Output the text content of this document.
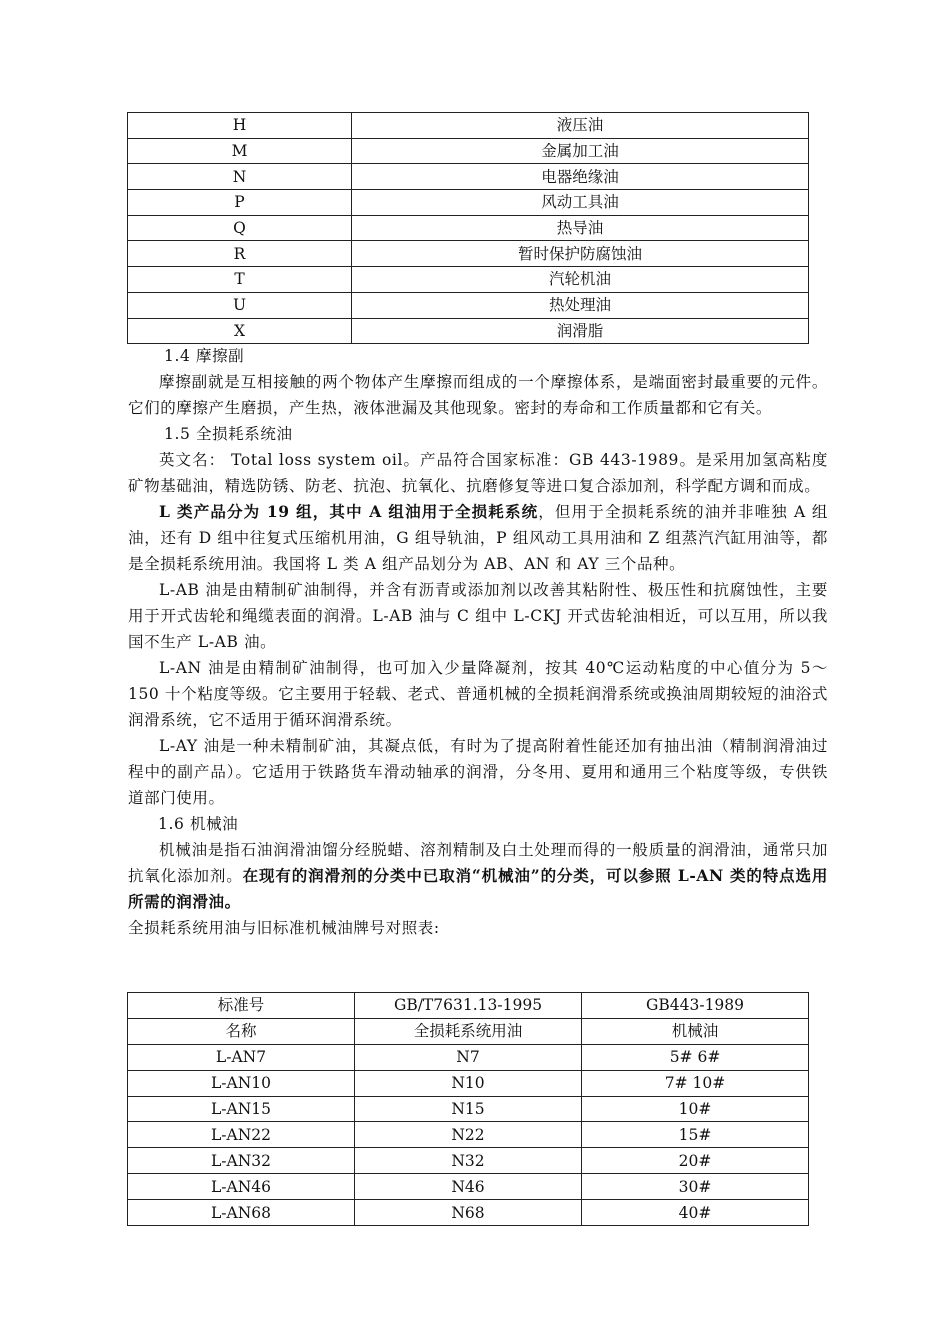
H	液压油
M	金属加工油
N	电器绝缘油
P	风动工具油
Q	热导油
R	暂时保护防腐蚀油
T	汽轮机油
U	热处理油
X	润滑脂

1.4 摩擦副

摩擦副就是互相接触的两个物体产生摩擦而组成的一个摩擦体系，是端面密封最重要的元件。它们的摩擦产生磨损，产生热，液体泄漏及其他现象。密封的寿命和工作质量都和它有关。

1.5 全损耗系统油

英文名： Total loss system oil。产品符合国家标准：GB 443-1989。是采用加氢高粘度矿物基础油，精选防锈、防老、抗泡、抗氧化、抗磨修复等进口复合添加剂，科学配方调和而成。

L 类产品分为 19 组，其中 A 组油用于全损耗系统，但用于全损耗系统的油并非唯独 A 组油，还有 D 组中往复式压缩机用油，G 组导轨油，P 组风动工具用油和 Z 组蒸汽汽缸用油等，都是全损耗系统用油。我国将 L 类 A 组产品划分为 AB、AN 和 AY 三个品种。

L-AB 油是由精制矿油制得，并含有沥青或添加剂以改善其粘附性、极压性和抗腐蚀性，主要用于开式齿轮和绳缆表面的润滑。L-AB 油与 C 组中 L-CKJ 开式齿轮油相近，可以互用，所以我国不生产 L-AB 油。

L-AN 油是由精制矿油制得，也可加入少量降凝剂，按其 40℃运动粘度的中心值分为 5～150 十个粘度等级。它主要用于轻载、老式、普通机械的全损耗润滑系统或换油周期较短的油浴式润滑系统，它不适用于循环润滑系统。

L-AY 油是一种未精制矿油，其凝点低，有时为了提高附着性能还加有抽出油（精制润滑油过程中的副产品）。它适用于铁路货车滑动轴承的润滑，分冬用、夏用和通用三个粘度等级，专供铁道部门使用。

1.6 机械油

机械油是指石油润滑油馏分经脱蜡、溶剂精制及白土处理而得的一般质量的润滑油，通常只加抗氧化添加剂。在现有的润滑剂的分类中已取消“机械油”的分类，可以参照 L-AN 类的特点选用所需的润滑油。

全损耗系统用油与旧标准机械油牌号对照表:

标准号	GB/T7631.13-1995	GB443-1989
名称	全损耗系统用油	机械油
L-AN7	N7	5# 6#
L-AN10	N10	7# 10#
L-AN15	N15	10#
L-AN22	N22	15#
L-AN32	N32	20#
L-AN46	N46	30#
L-AN68	N68	40#
